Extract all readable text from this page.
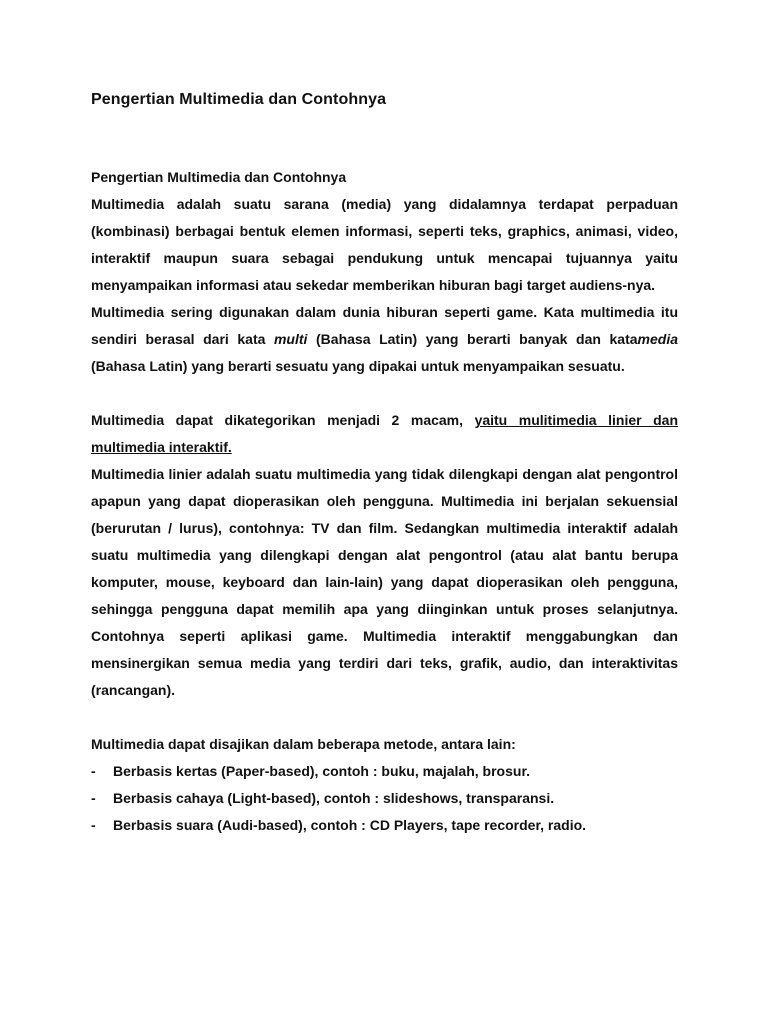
Pengertian Multimedia dan Contohnya

Pengertian Multimedia dan Contohnya

Multimedia adalah suatu sarana (media) yang didalamnya terdapat perpaduan (kombinasi) berbagai bentuk elemen informasi, seperti teks, graphics, animasi, video, interaktif maupun suara sebagai pendukung untuk mencapai tujuannya yaitu menyampaikan informasi atau sekedar memberikan hiburan bagi target audiens-nya.

Multimedia sering digunakan dalam dunia hiburan seperti game. Kata multimedia itu sendiri berasal dari kata multi (Bahasa Latin) yang berarti banyak dan katamedia (Bahasa Latin) yang berarti sesuatu yang dipakai untuk menyampaikan sesuatu.

Multimedia dapat dikategorikan menjadi 2 macam, yaitu mulitimedia linier dan multimedia interaktif.

Multimedia linier adalah suatu multimedia yang tidak dilengkapi dengan alat pengontrol apapun yang dapat dioperasikan oleh pengguna. Multimedia ini berjalan sekuensial (berurutan / lurus), contohnya: TV dan film. Sedangkan multimedia interaktif adalah suatu multimedia yang dilengkapi dengan alat pengontrol (atau alat bantu berupa komputer, mouse, keyboard dan lain-lain) yang dapat dioperasikan oleh pengguna, sehingga pengguna dapat memilih apa yang diinginkan untuk proses selanjutnya. Contohnya seperti aplikasi game. Multimedia interaktif menggabungkan dan mensinergikan semua media yang terdiri dari teks, grafik, audio, dan interaktivitas (rancangan).

Multimedia dapat disajikan dalam beberapa metode, antara lain:

-	Berbasis kertas (Paper-based), contoh : buku, majalah, brosur.
-	Berbasis cahaya (Light-based), contoh : slideshows, transparansi.
-	Berbasis suara (Audi-based), contoh : CD Players, tape recorder, radio.
